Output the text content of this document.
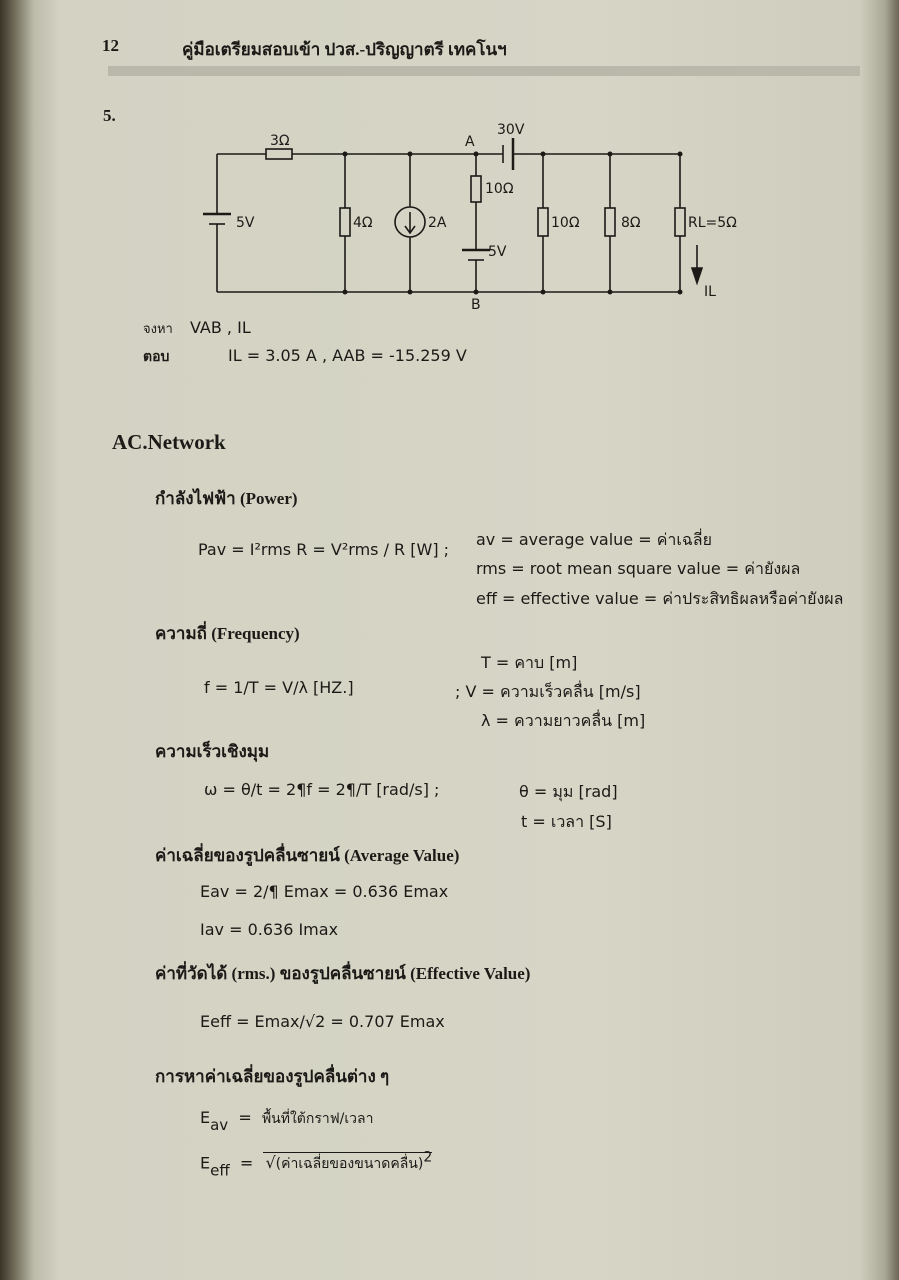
12	คู่มือเตรียมสอบเข้า ปวส.-ปริญญาตรี เทคโนฯ
5.
3Ω
5V	4Ω	2A
A
B
30V
10Ω
5V
10Ω	8Ω	RL=5Ω
IL
จงหา VAB , IL
ตอบ	IL = 3.05 A , AAB = -15.259 V
AC.Network
กำลังไฟฟ้า (Power)
Pav = I²rms R = V²rms / R [W] ;
av = average value = ค่าเฉลี่ย
rms = root mean square value = ค่ายังผล
eff = effective value = ค่าประสิทธิผลหรือค่ายังผล
ความถี่ (Frequency)
f = 1/T = V/λ [HZ.]
T = คาบ [m]
; V = ความเร็วคลื่น [m/s]
λ = ความยาวคลื่น [m]
ความเร็วเชิงมุม
ω = θ/t = 2¶f = 2¶/T [rad/s] ;	θ = มุม [rad]
t = เวลา [S]
ค่าเฉลี่ยของรูปคลื่นซายน์ (Average Value)
Eav = 2/¶ Emax = 0.636 Emax
Iav = 0.636 Imax
ค่าที่วัดได้ (rms.) ของรูปคลื่นซายน์ (Effective Value)
Eeff = Emax/√2 = 0.707 Emax
การหาค่าเฉลี่ยของรูปคลื่นต่าง ๆ
$E_{av}$  =  พื้นที่ใต้กราฟ/เวลา
$E_{eff}$  =  √(ค่าเฉลี่ยของขนาดคลื่น)$^2$
